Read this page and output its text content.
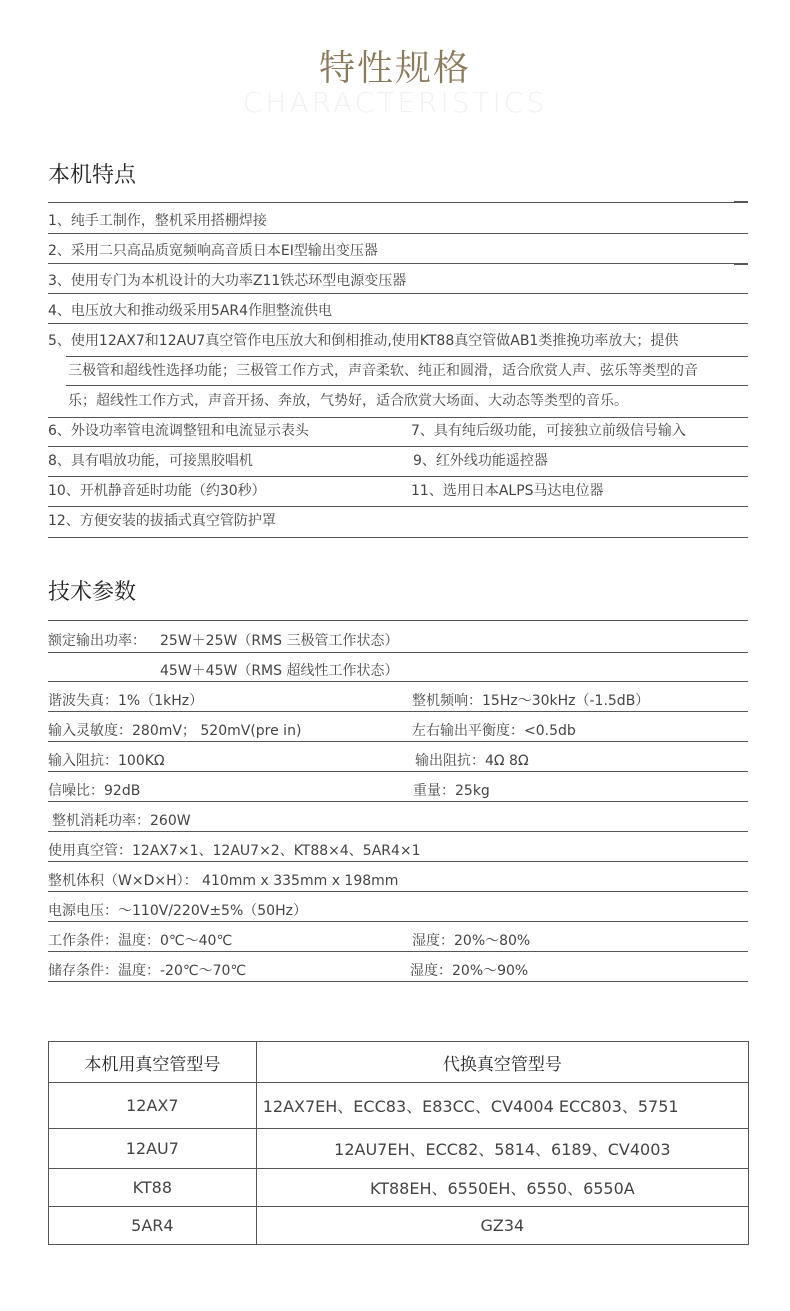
特性规格
CHARACTERISTICS
本机特点
1、纯手工制作，整机采用搭棚焊接
2、采用二只高品质宽频响高音质日本EI型输出变压器
3、使用专门为本机设计的大功率Z11铁芯环型电源变压器
4、电压放大和推动级采用5AR4作胆整流供电
5、使用12AX7和12AU7真空管作电压放大和倒相推动,使用KT88真空管做AB1类推挽功率放大；提供
三极管和超线性选择功能；三极管工作方式，声音柔软、纯正和圆滑，适合欣赏人声、弦乐等类型的音
乐；超线性工作方式，声音开扬、奔放，气势好，适合欣赏大场面、大动态等类型的音乐。
6、外设功率管电流调整钮和电流显示表头	7、具有纯后级功能，可接独立前级信号输入
8、具有唱放功能，可接黑胶唱机	9、红外线功能遥控器
10、开机静音延时功能（约30秒）	11、选用日本ALPS马达电位器
12、方便安装的拔插式真空管防护罩
技术参数
额定输出功率： 25W＋25W（RMS 三极管工作状态）
45W＋45W（RMS 超线性工作状态）
谐波失真：1%（1kHz）	整机频响：15Hz～30kHz（-1.5dB）
输入灵敏度：280mV； 520mV(pre in)	左右输出平衡度：<0.5db
输入阻抗：100KΩ	输出阻抗：4Ω 8Ω
信噪比：92dB	重量：25kg
整机消耗功率：260W
使用真空管：12AX7×1、12AU7×2、KT88×4、5AR4×1
整机体积（W×D×H）： 410mm x 335mm x 198mm
电源电压：～110V/220V±5%（50Hz）
工作条件：温度：0℃～40℃	湿度：20%～80%
储存条件：温度：-20℃～70℃	湿度：20%～90%
本机用真空管型号	代换真空管型号
12AX7	12AX7EH、ECC83、E83CC、CV4004 ECC803、5751
12AU7	12AU7EH、ECC82、5814、6189、CV4003
KT88	KT88EH、6550EH、6550、6550A
5AR4	GZ34
